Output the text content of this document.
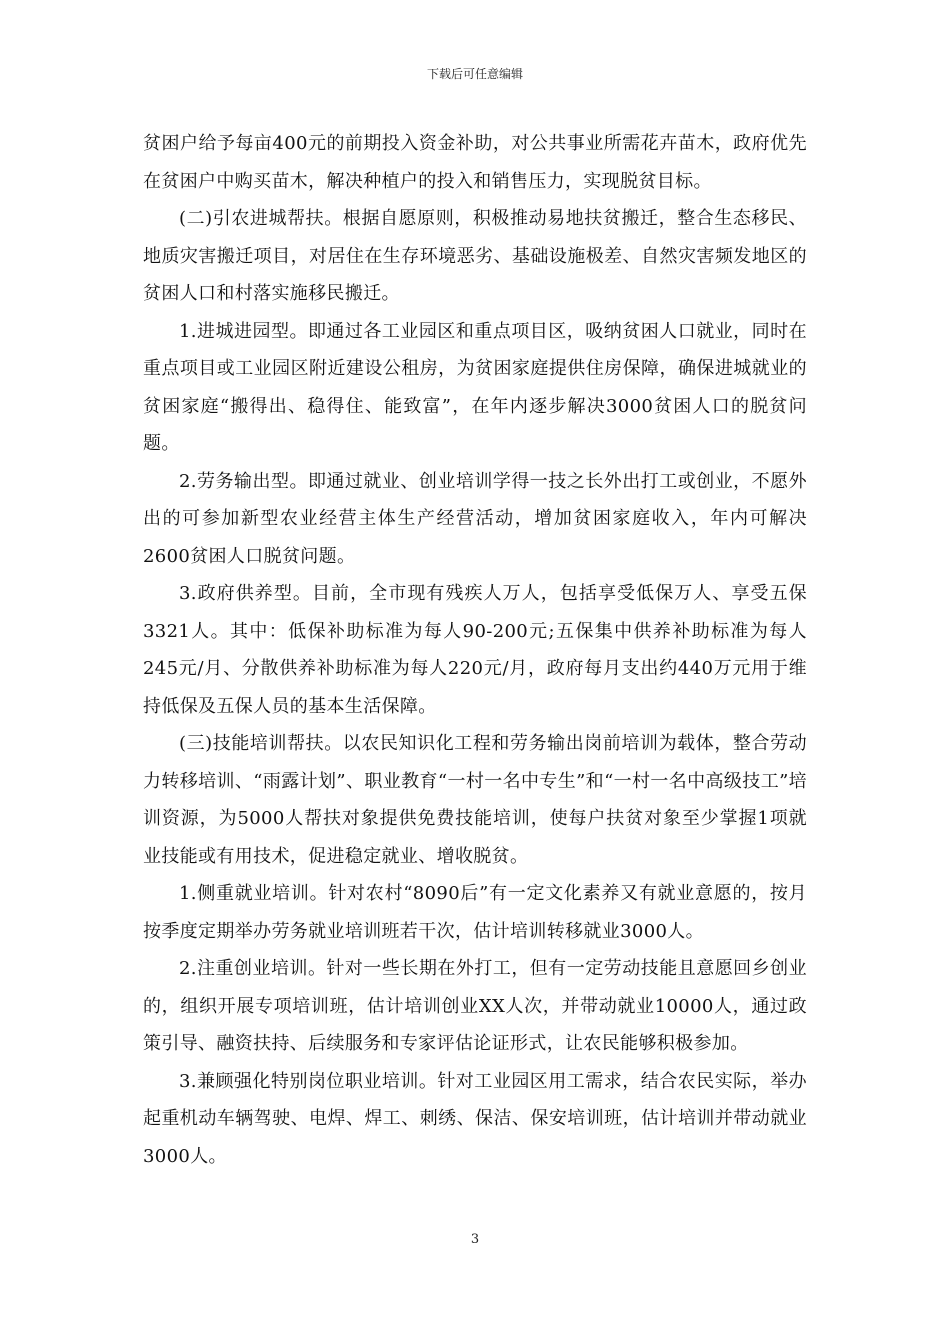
下载后可任意编辑

贫困户给予每亩400元的前期投入资金补助，对公共事业所需花卉苗木，政府优先在贫困户中购买苗木，解决种植户的投入和销售压力，实现脱贫目标。

(二)引农进城帮扶。根据自愿原则，积极推动易地扶贫搬迁，整合生态移民、地质灾害搬迁项目，对居住在生存环境恶劣、基础设施极差、自然灾害频发地区的贫困人口和村落实施移民搬迁。

1.进城进园型。即通过各工业园区和重点项目区，吸纳贫困人口就业，同时在重点项目或工业园区附近建设公租房，为贫困家庭提供住房保障，确保进城就业的贫困家庭“搬得出、稳得住、能致富”，在年内逐步解决3000贫困人口的脱贫问题。

2.劳务输出型。即通过就业、创业培训学得一技之长外出打工或创业，不愿外出的可参加新型农业经营主体生产经营活动，增加贫困家庭收入，年内可解决2600贫困人口脱贫问题。

3.政府供养型。目前，全市现有残疾人万人，包括享受低保万人、享受五保3321人。其中：低保补助标准为每人90-200元;五保集中供养补助标准为每人245元/月、分散供养补助标准为每人220元/月，政府每月支出约440万元用于维持低保及五保人员的基本生活保障。

(三)技能培训帮扶。以农民知识化工程和劳务输出岗前培训为载体，整合劳动力转移培训、“雨露计划”、职业教育“一村一名中专生”和“一村一名中高级技工”培训资源，为5000人帮扶对象提供免费技能培训，使每户扶贫对象至少掌握1项就业技能或有用技术，促进稳定就业、增收脱贫。

1.侧重就业培训。针对农村“8090后”有一定文化素养又有就业意愿的，按月按季度定期举办劳务就业培训班若干次，估计培训转移就业3000人。

2.注重创业培训。针对一些长期在外打工，但有一定劳动技能且意愿回乡创业的，组织开展专项培训班，估计培训创业XX人次，并带动就业10000人，通过政策引导、融资扶持、后续服务和专家评估论证形式，让农民能够积极参加。

3.兼顾强化特别岗位职业培训。针对工业园区用工需求，结合农民实际，举办起重机动车辆驾驶、电焊、焊工、刺绣、保洁、保安培训班，估计培训并带动就业3000人。

3
